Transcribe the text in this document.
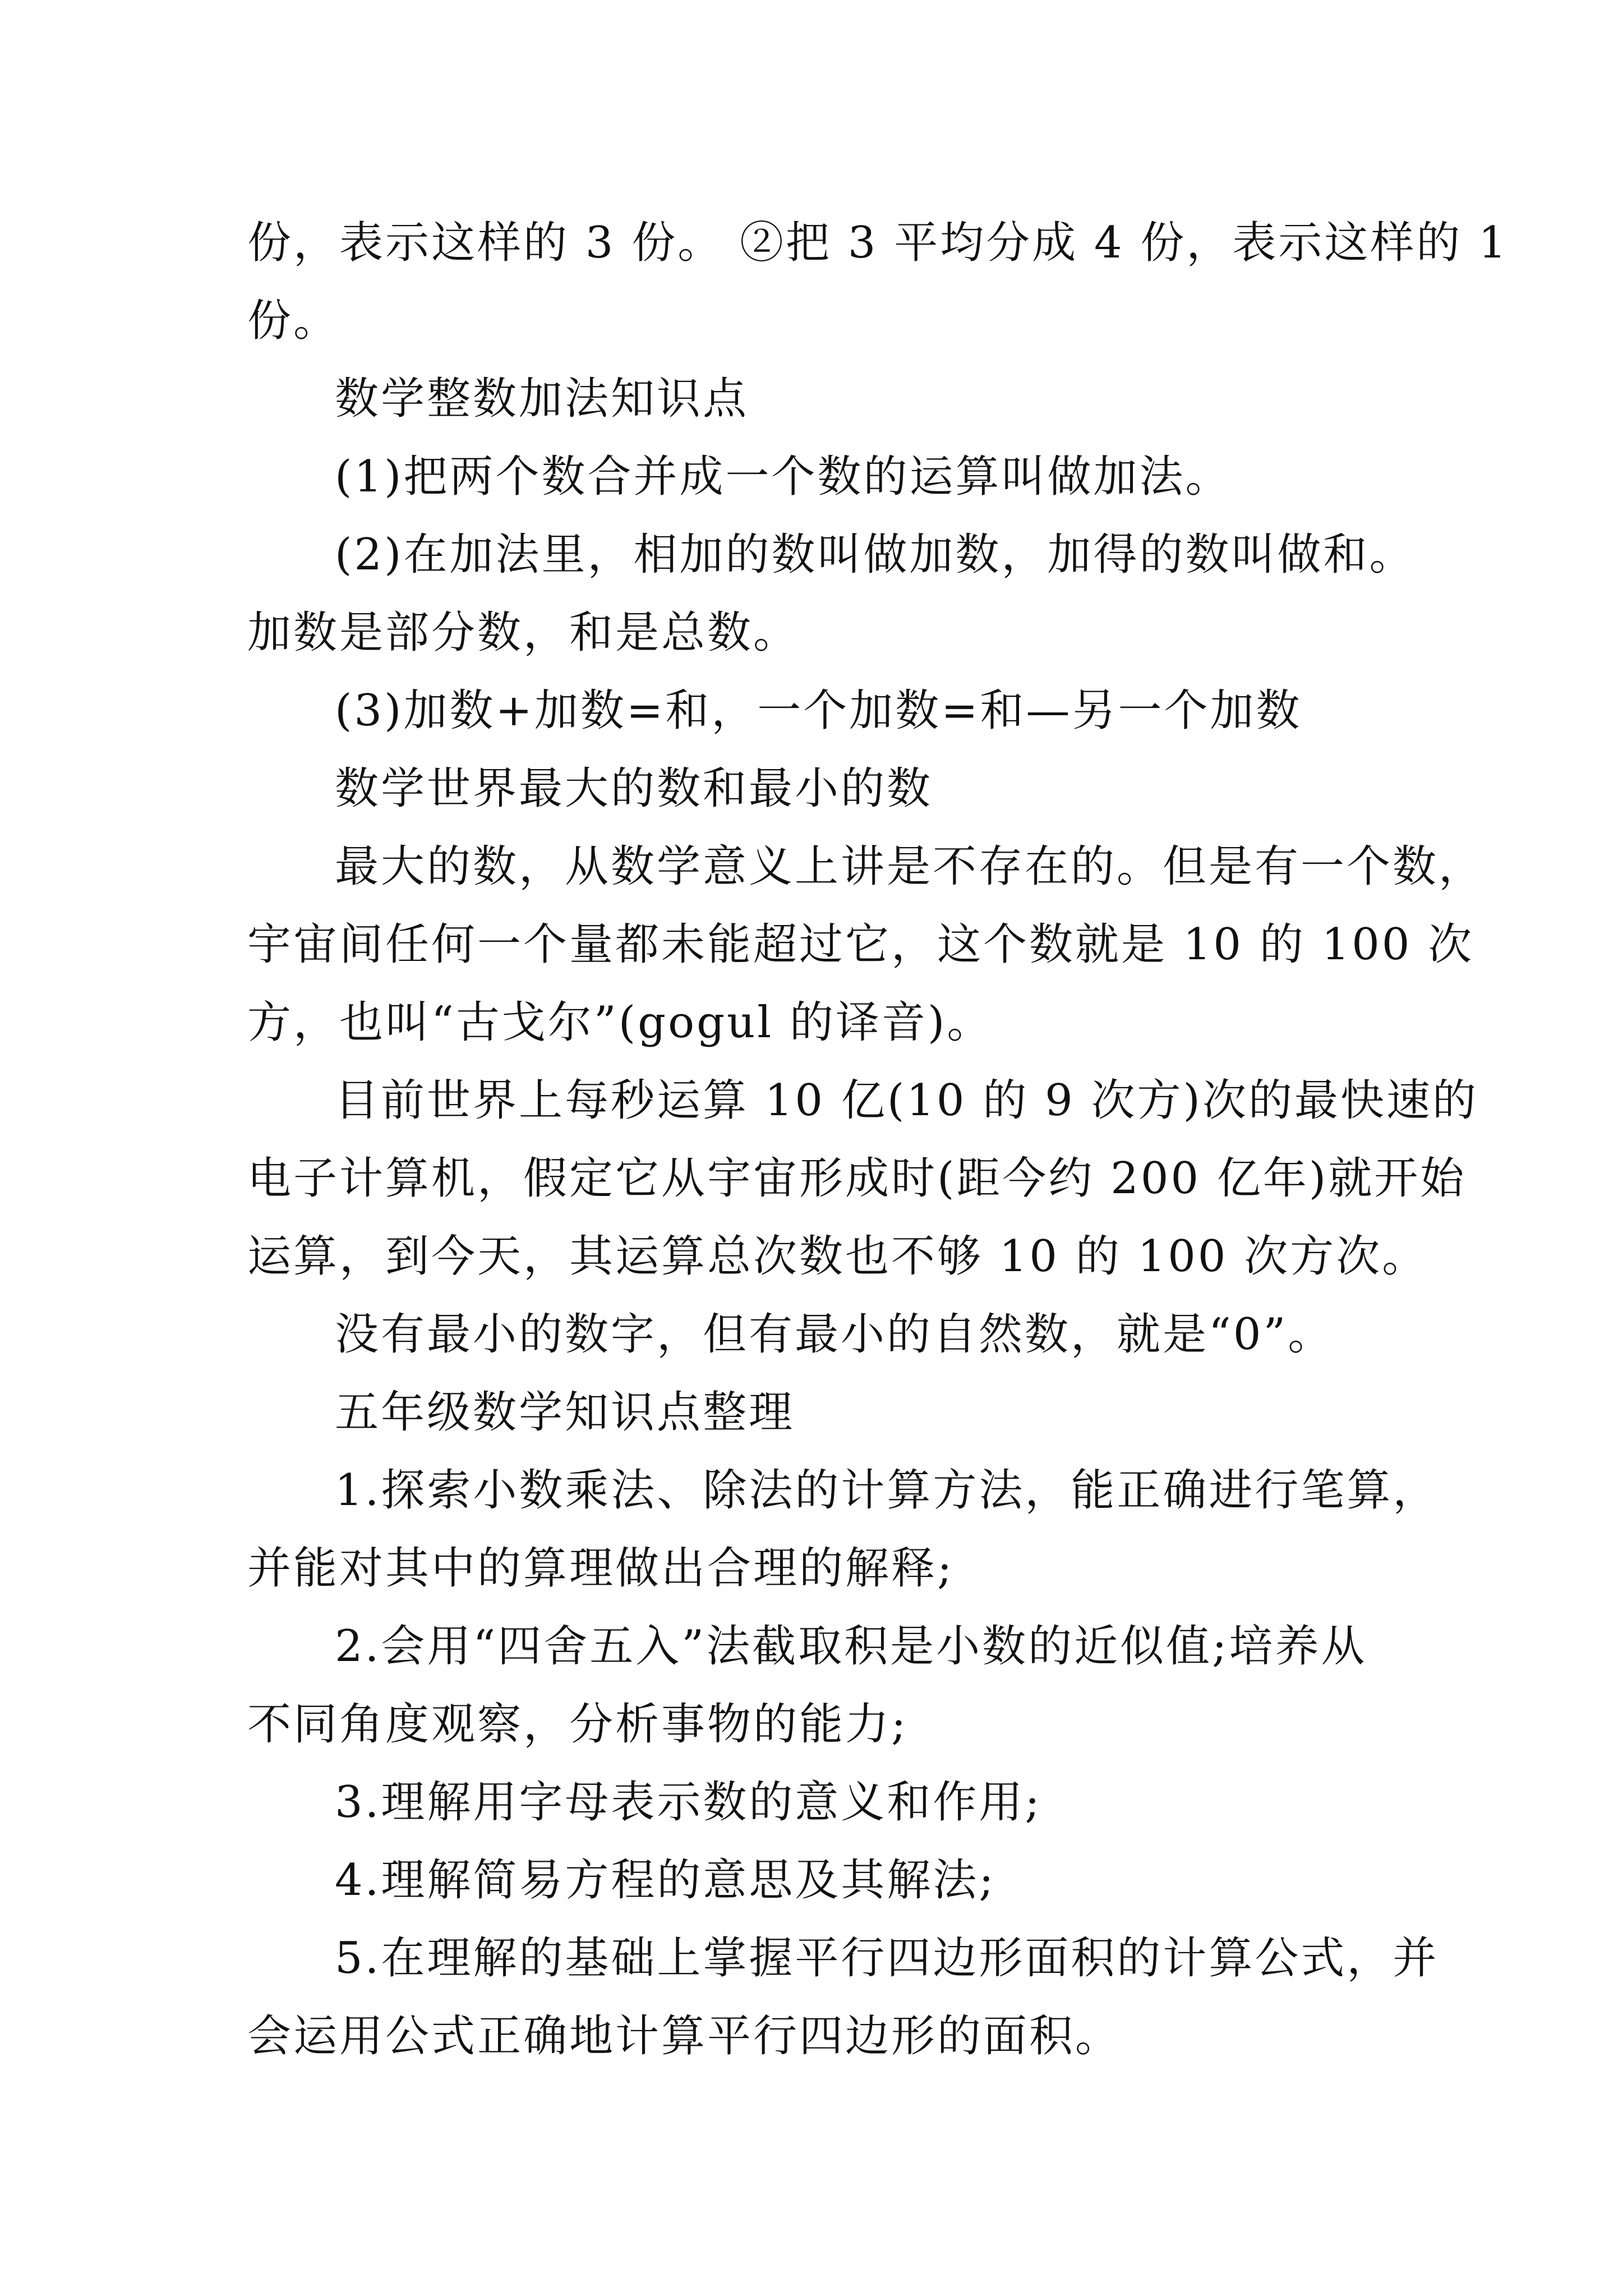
份，表示这样的 3 份。 ②把 3 平均分成 4 份，表示这样的 1
份。
数学整数加法知识点
(1)把两个数合并成一个数的运算叫做加法。
(2)在加法里，相加的数叫做加数，加得的数叫做和。
加数是部分数，和是总数。
(3)加数+加数=和，一个加数=和—另一个加数
数学世界最大的数和最小的数
最大的数，从数学意义上讲是不存在的。但是有一个数，
宇宙间任何一个量都未能超过它，这个数就是 10 的 100 次
方，也叫“古戈尔”(gogul 的译音)。
目前世界上每秒运算 10 亿(10 的 9 次方)次的最快速的
电子计算机，假定它从宇宙形成时(距今约 200 亿年)就开始
运算，到今天，其运算总次数也不够 10 的 100 次方次。
没有最小的数字，但有最小的自然数，就是“0”。
五年级数学知识点整理
1.探索小数乘法、除法的计算方法，能正确进行笔算，
并能对其中的算理做出合理的解释;
2.会用“四舍五入”法截取积是小数的近似值;培养从
不同角度观察，分析事物的能力;
3.理解用字母表示数的意义和作用;
4.理解简易方程的意思及其解法;
5.在理解的基础上掌握平行四边形面积的计算公式，并
会运用公式正确地计算平行四边形的面积。
